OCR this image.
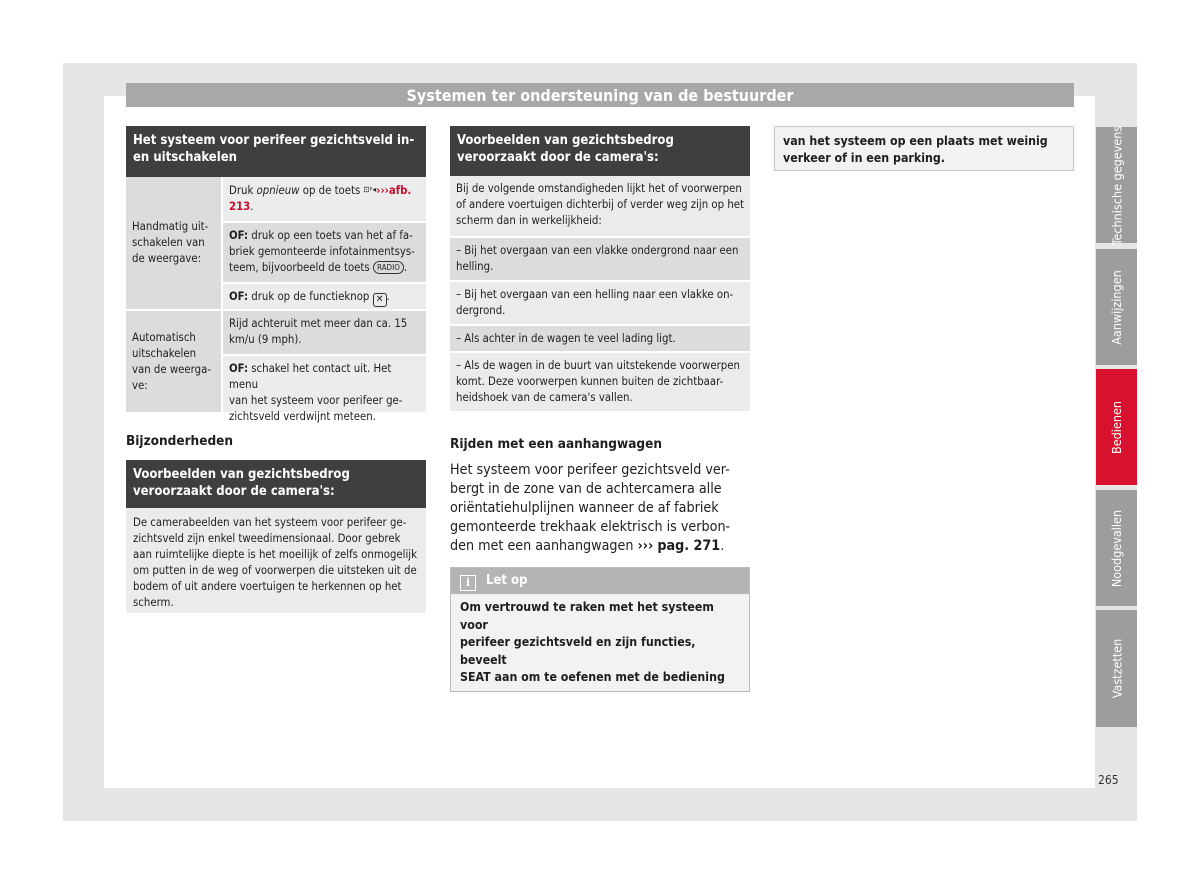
Systemen ter ondersteuning van de bestuurder
Het systeem voor perifeer gezichtsveld in- en uitschakelen
Handmatig uit-
schakelen van
de weergave:
Druk opnieuw op de toets ⊡ᵖ◂›››afb. 213.
OF: druk op een toets van het af fa-
briek gemonteerde infotainmentsys-
teem, bijvoorbeeld de toets RADIO .
OF: druk op de functieknop ✕ .
Automatisch
uitschakelen
van de weergа-
ve:
Rijd achteruit met meer dan ca. 15
km/u (9 mph).
OF: schakel het contact uit. Het menu
van het systeem voor perifeer ge-
zichtsveld verdwijnt meteen.
Bijzonderheden
Voorbeelden van gezichtsbedrog veroorzaakt door de camera's:
De camerabeelden van het systeem voor perifeer ge-
zichtsveld zijn enkel tweedimensionaal. Door gebrek
aan ruimtelijke diepte is het moeilijk of zelfs onmogelijk
om putten in de weg of voorwerpen die uitsteken uit de
bodem of uit andere voertuigen te herkennen op het
scherm.
Voorbeelden van gezichtsbedrog veroorzaakt door de camera's:
Bij de volgende omstandigheden lijkt het of voorwerpen
of andere voertuigen dichterbij of verder weg zijn op het
scherm dan in werkelijkheid:
– Bij het overgaan van een vlakke ondergrond naar een
helling.
– Bij het overgaan van een helling naar een vlakke on-
dergrond.
– Als achter in de wagen te veel lading ligt.
– Als de wagen in de buurt van uitstekende voorwerpen
komt. Deze voorwerpen kunnen buiten de zichtbaar-
heidshoek van de camera's vallen.
Rijden met een aanhangwagen
Het systeem voor perifeer gezichtsveld ver-
bergt in de zone van de achtercamera alle
oriëntatiehulplijnen wanneer de af fabriek
gemonteerde trekhaak elektrisch is verbon-
den met een aanhangwagen ››› pag. 271.
i Let op
Om vertrouwd te raken met het systeem voor
perifeer gezichtsveld en zijn functies, beveelt
SEAT aan om te oefenen met de bediening
van het systeem op een plaats met weinig
verkeer of in een parking.	Technische gegevens
Aanwijzingen
Bedienen
Noodgevallen
Vastzetten
265
